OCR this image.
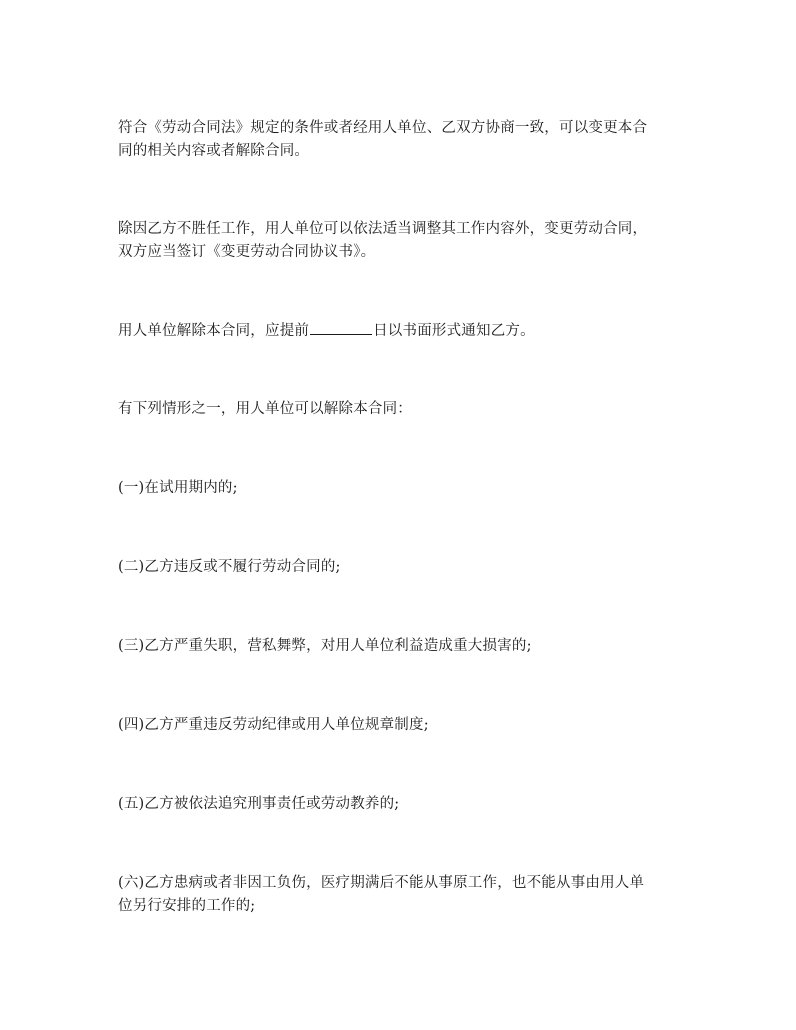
符合《劳动合同法》规定的条件或者经用人单位、乙双方协商一致，可以变更本合
同的相关内容或者解除合同。

除因乙方不胜任工作，用人单位可以依法适当调整其工作内容外，变更劳动合同，
双方应当签订《变更劳动合同协议书》。

用人单位解除本合同，应提前	日以书面形式通知乙方。

有下列情形之一，用人单位可以解除本合同：

(一)在试用期内的;

(二)乙方违反或不履行劳动合同的;

(三)乙方严重失职，营私舞弊，对用人单位利益造成重大损害的;

(四)乙方严重违反劳动纪律或用人单位规章制度;

(五)乙方被依法追究刑事责任或劳动教养的;

(六)乙方患病或者非因工负伤，医疗期满后不能从事原工作，也不能从事由用人单
位另行安排的工作的;
